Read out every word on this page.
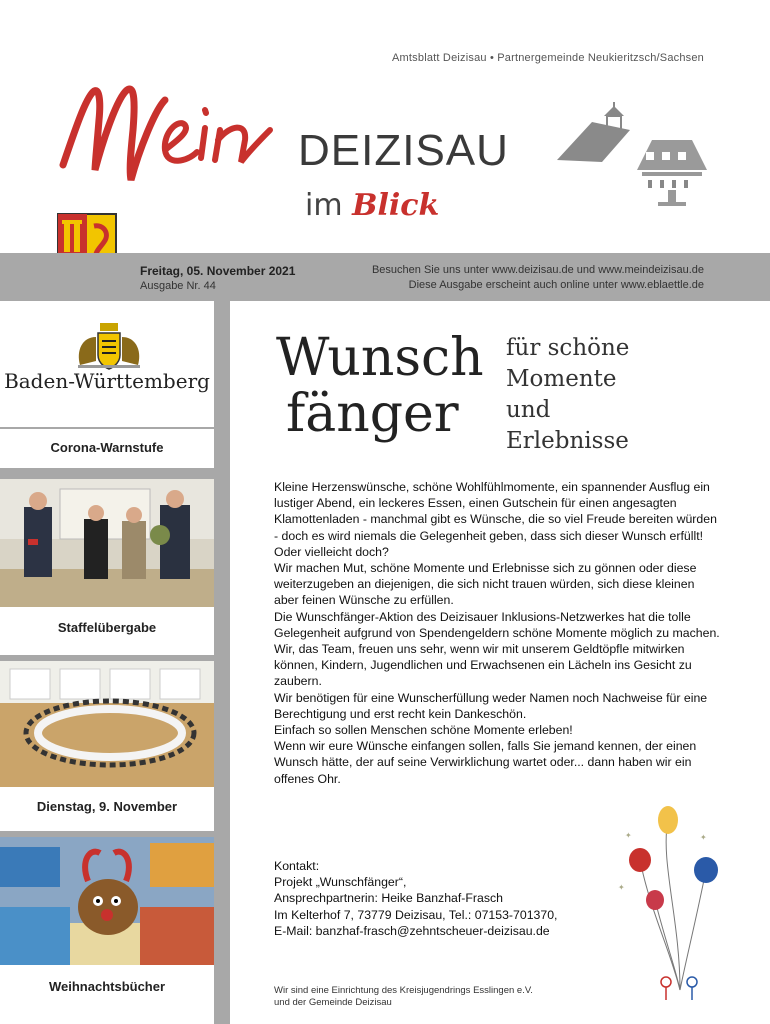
Amtsblatt Deizisau • Partnergemeinde Neukieritzsch/Sachsen
DEIZISAU
im Blick
Freitag, 05. November 2021
Ausgabe Nr. 44
Besuchen Sie uns unter www.deizisau.de und www.meindeizisau.de
Diese Ausgabe erscheint auch online unter www.eblaettle.de
Baden-Württemberg
Corona-Warnstufe
Staffelübergabe
Dienstag, 9. November
Weihnachtsbücher
Wunsch
fänger
für schöne
Momente
und
Erlebnisse

Kleine Herzenswünsche, schöne Wohlfühlmomente, ein spannender Ausflug ein lustiger Abend, ein leckeres Essen, einen Gutschein für einen angesagten Klamottenladen - manchmal gibt es Wünsche, die so viel Freude bereiten würden - doch es wird niemals die Gelegenheit geben, dass sich dieser Wunsch erfüllt!

Oder vielleicht doch?

Wir machen Mut, schöne Momente und Erlebnisse sich zu gönnen oder diese weiterzugeben an diejenigen, die sich nicht trauen würden, sich diese kleinen aber feinen Wünsche zu erfüllen.

Die Wunschfänger-Aktion des Deizisauer Inklusions-Netzwerkes hat die tolle Gelegenheit aufgrund von Spendengeldern schöne Momente möglich zu machen.

Wir, das Team, freuen uns sehr, wenn wir mit unserem Geldtöpfle mitwirken können, Kindern, Jugendlichen und Erwachsenen ein Lächeln ins Gesicht zu zaubern.

Wir benötigen für eine Wunscherfüllung weder Namen noch Nachweise für eine Berechtigung und erst recht kein Dankeschön.

Einfach so sollen Menschen schöne Momente erleben!

Wenn wir eure Wünsche einfangen sollen, falls Sie jemand kennen, der einen Wunsch hätte, der auf seine Verwirklichung wartet oder... dann haben wir ein offenes Ohr.

Kontakt:
Projekt „Wunschfänger“,
Ansprechpartnerin: Heike Banzhaf-Frasch
Im Kelterhof 7, 73779 Deizisau, Tel.: 07153-701370,
E-Mail: banzhaf-frasch@zehntscheuer-deizisau.de
Wir sind eine Einrichtung des Kreisjugendrings Esslingen e.V.
und der Gemeinde Deizisau
✦	✦
✦
